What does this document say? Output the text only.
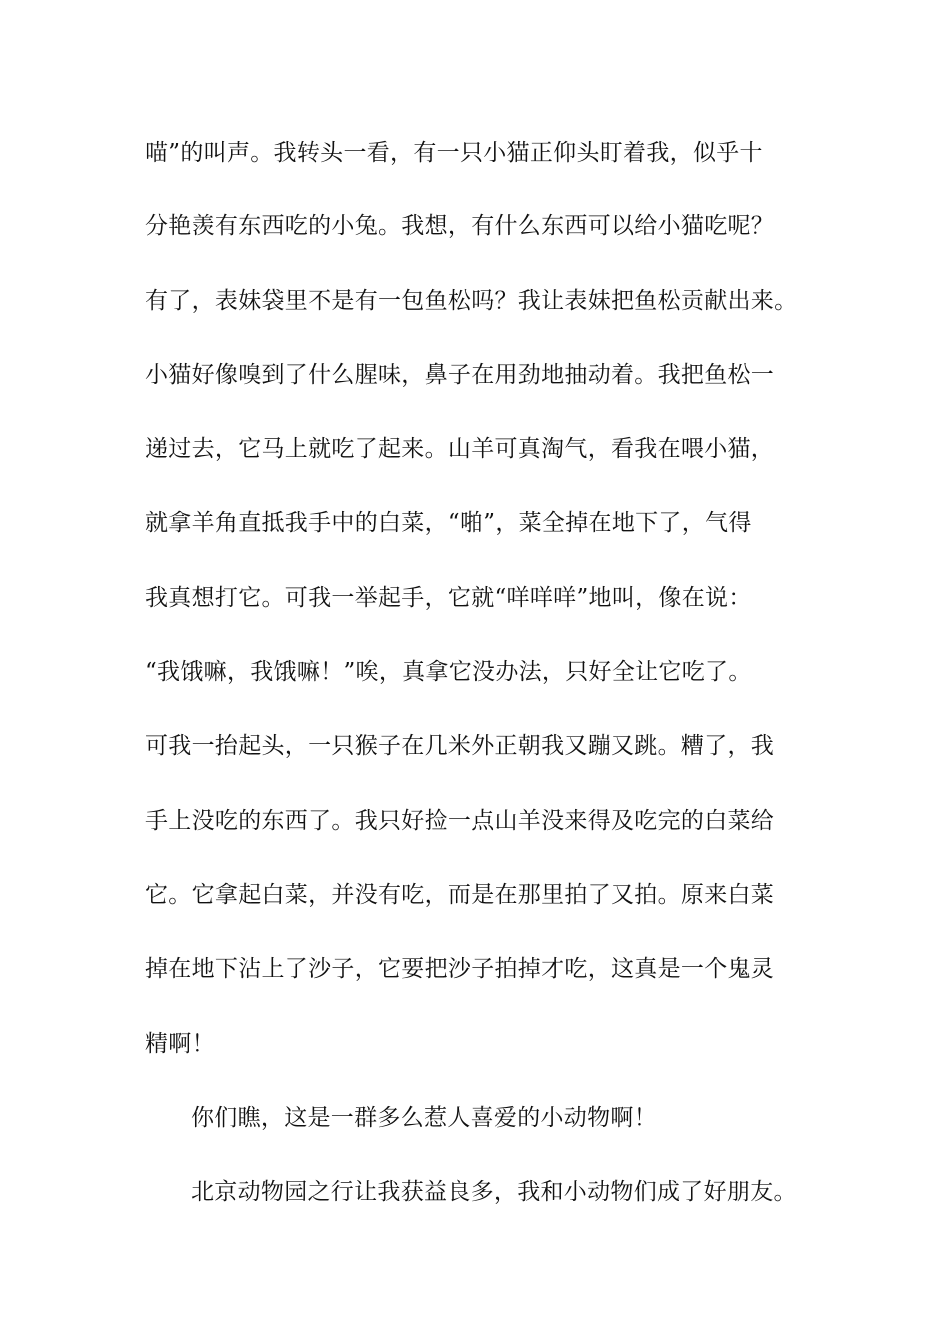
喵”的叫声。我转头一看，有一只小猫正仰头盯着我，似乎十
分艳羡有东西吃的小兔。我想，有什么东西可以给小猫吃呢？
有了，表妹袋里不是有一包鱼松吗？我让表妹把鱼松贡献出来。
小猫好像嗅到了什么腥味，鼻子在用劲地抽动着。我把鱼松一
递过去，它马上就吃了起来。山羊可真淘气，看我在喂小猫，
就拿羊角直抵我手中的白菜，“啪”，菜全掉在地下了，气得
我真想打它。可我一举起手，它就“咩咩咩”地叫，像在说：
“我饿嘛，我饿嘛！”唉，真拿它没办法，只好全让它吃了。
可我一抬起头，一只猴子在几米外正朝我又蹦又跳。糟了，我
手上没吃的东西了。我只好捡一点山羊没来得及吃完的白菜给
它。它拿起白菜，并没有吃，而是在那里拍了又拍。原来白菜
掉在地下沾上了沙子，它要把沙子拍掉才吃，这真是一个鬼灵
精啊！
你们瞧，这是一群多么惹人喜爱的小动物啊！
北京动物园之行让我获益良多，我和小动物们成了好朋友。
